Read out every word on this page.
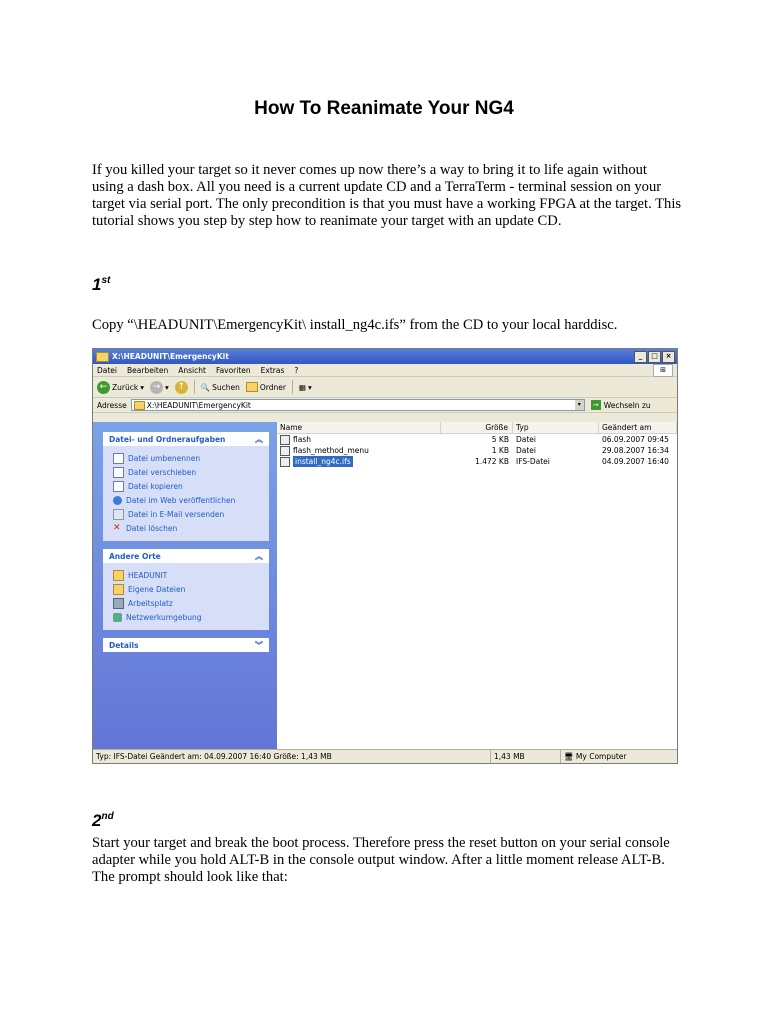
How To Reanimate Your NG4
If you killed your target so it never comes up now there’s a way to bring it to life again without using a dash box. All you need is a current update CD and a TerraTerm - terminal session on your target via serial port. The only precondition is that you must have a working FPGA at the target. This tutorial shows you step by step how to reanimate your target with an update CD.
1st
Copy “\HEADUNIT\EmergencyKit\ install_ng4c.ifs” from the CD to your local harddisc.
X:\HEADUNIT\EmergencyKit	_	□	×
Datei Bearbeiten Ansicht Favoriten Extras ?	⊞
← Zurück ▾ → ▾ ↑	🔍 Suchen	Ordner ▦ ▾
Adresse	X:\HEADUNIT\EmergencyKit	▾	→ Wechseln zu
Datei- und Ordneraufgaben	︽
Datei umbenennen
Datei verschieben
Datei kopieren
Datei im Web veröffentlichen
Datei in E-Mail versenden
✕ Datei löschen
Andere Orte	︽
HEADUNIT
Eigene Dateien
Arbeitsplatz
Netzwerkumgebung
Details	︾
Name	Größe	Typ	Geändert am
flash	5 KB Datei	06.09.2007 09:45
flash_method_menu	1 KB Datei	29.08.2007 16:34
install_ng4c.ifs	1.472 KB IFS-Datei	04.09.2007 16:40
Typ: IFS-Datei Geändert am: 04.09.2007 16:40 Größe: 1,43 MB	1,43 MB	🖥 My Computer
2nd
Start your target and break the boot process. Therefore press the reset button on your serial console adapter while you hold ALT-B in the console output window. After a little moment release ALT-B. The prompt should look like that:
